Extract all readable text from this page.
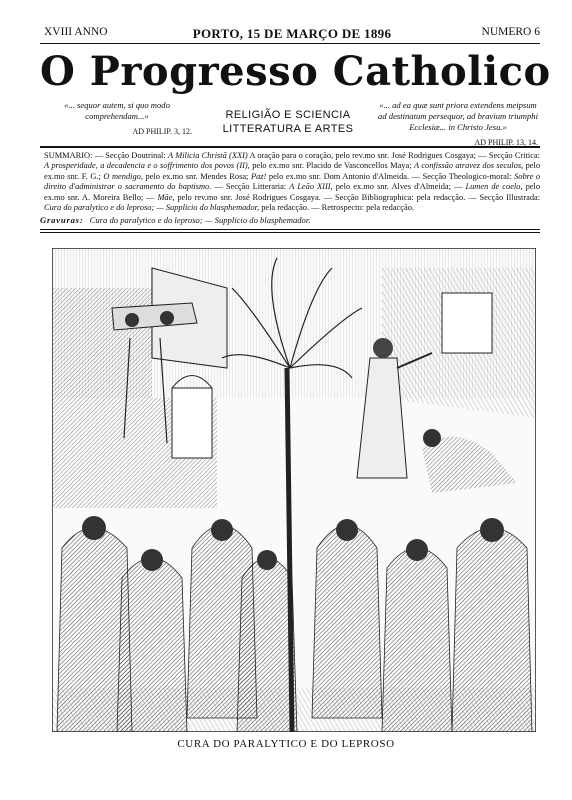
XVIII ANNO	PORTO, 15 DE MARÇO DE 1896	NUMERO 6
O Progresso Catholico
«... sequor autem, si quo modo comprehendam...»
AD PHILIP. 3, 12.
RELIGIÃO E SCIENCIA
LITTERATURA E ARTES
«... ad ea quæ sunt priora extendens meipsum ad destinatum persequor, ad bravium triumphi Ecclesiæ... in Christo Jesu.»
AD PHILIP. 13, 14.
SUMMARIO: — Secção Doutrinal: A Milicia Christã (XXI) A oração para o coração, pelo rev.mo snr. José Rodrigues Cosgaya; — Secção Critica: A prosperidade, a decadencia e o soffrimento dos povos (II), pelo ex.mo snr. Placido de Vasconcellos Maya; A confissão atravez dos seculos, pelo ex.mo snr. F. G.; O mendigo, pelo ex.mo snr. Mendes Rosa; Paz! pelo ex.mo snr. Dom Antonio d'Almeida. — Secção Theologico-moral: Sobre o direito d'administrar o sacramento do baptismo. — Secção Litteraria: A Leão XIII, pelo ex.mo snr. Alves d'Almeida; — Lumen de coelo, pelo ex.mo snr. A. Moreira Bello; — Mãe, pelo rev.mo snr. José Rodrigues Cosgaya. — Secção Bibliographica: pela redacção. — Secção Illustrada: Cura do paralytico e do leproso; — Supplicio do blasphemador, pela redacção. — Retrospecto: pela redacção.
Gravuras: Cura do paralytico e do leproso; — Supplicio do blasphemador.
CURA DO PARALYTICO E DO LEPROSO
